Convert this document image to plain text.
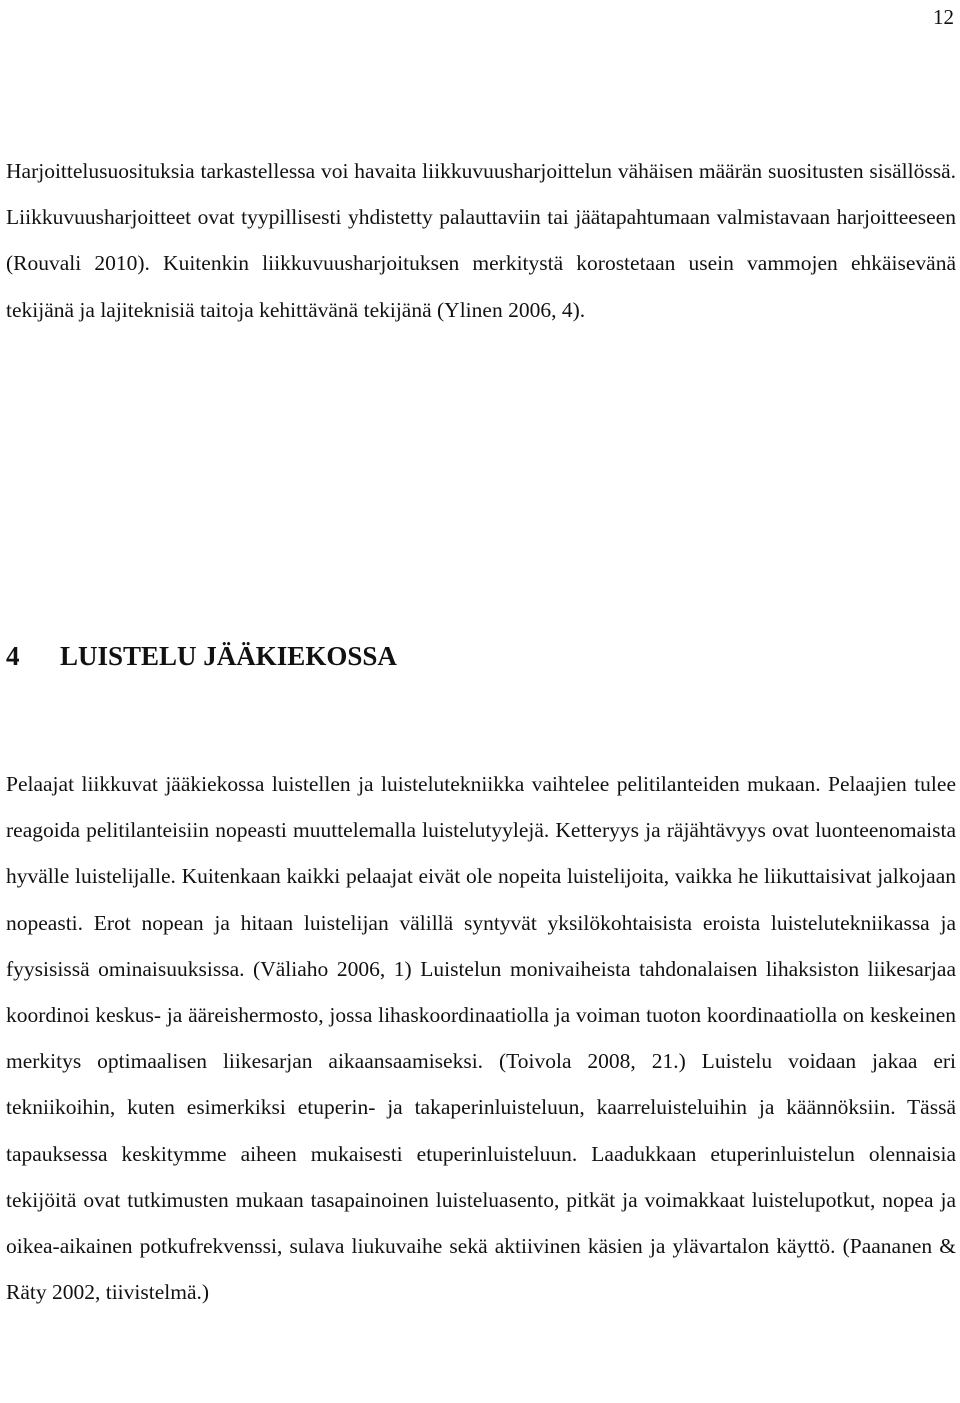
12

Harjoittelusuosituksia tarkastellessa voi havaita liikkuvuusharjoittelun vähäisen määrän suositusten sisällössä. Liikkuvuusharjoitteet ovat tyypillisesti yhdistetty palauttaviin tai jäätapahtumaan valmistavaan harjoitteeseen (Rouvali 2010). Kuitenkin liikkuvuusharjoituksen merkitystä korostetaan usein vammojen ehkäisevänä tekijänä ja lajiteknisiä taitoja kehittävänä tekijänä (Ylinen 2006, 4).

4 LUISTELU JÄÄKIEKOSSA

Pelaajat liikkuvat jääkiekossa luistellen ja luistelutekniikka vaihtelee pelitilanteiden mukaan. Pelaajien tulee reagoida pelitilanteisiin nopeasti muuttelemalla luistelutyylejä. Ketteryys ja räjähtävyys ovat luonteenomaista hyvälle luistelijalle. Kuitenkaan kaikki pelaajat eivät ole nopeita luistelijoita, vaikka he liikuttaisivat jalkojaan nopeasti. Erot nopean ja hitaan luistelijan välillä syntyvät yksilökohtaisista eroista luistelutekniikassa ja fyysisissä ominaisuuksissa. (Väliaho 2006, 1) Luistelun monivaiheista tahdonalaisen lihaksiston liikesarjaa koordinoi keskus- ja ääreishermosto, jossa lihaskoordinaatiolla ja voiman tuoton koordinaatiolla on keskeinen merkitys optimaalisen liikesarjan aikaansaamiseksi. (Toivola 2008, 21.) Luistelu voidaan jakaa eri tekniikoihin, kuten esimerkiksi etuperin- ja takaperinluisteluun, kaarreluisteluihin ja käännöksiin. Tässä tapauksessa keskitymme aiheen mukaisesti etuperinluisteluun. Laadukkaan etuperinluistelun olennaisia tekijöitä ovat tutkimusten mukaan tasapainoinen luisteluasento, pitkät ja voimakkaat luistelupotkut, nopea ja oikea-aikainen potkufrekvenssi, sulava liukuvaihe sekä aktiivinen käsien ja ylävartalon käyttö. (Paananen & Räty 2002, tiivistelmä.)
